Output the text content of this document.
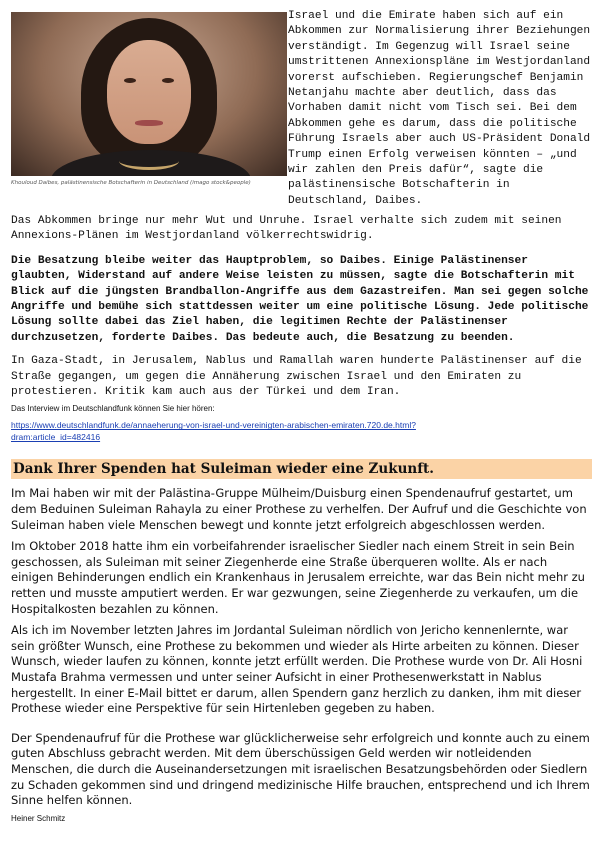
Khouloud Daibes, palästinensische Botschafterin in Deutschland (imago stock&people)

Israel und die Emirate haben sich auf ein Abkommen zur Normalisierung ihrer Beziehungen verständigt. Im Gegenzug will Israel seine umstrittenen Annexionspläne im Westjordanland vorerst aufschieben. Regierungschef Benjamin Netanjahu machte aber deutlich, dass das Vorhaben damit nicht vom Tisch sei. Bei dem Abkommen gehe es darum, dass die politische Führung Israels aber auch US-Präsident Donald Trump einen Erfolg verweisen könnten – „und wir zahlen den Preis dafür“, sagte die palästinensische Botschafterin in Deutschland, Daibes.

Das Abkommen bringe nur mehr Wut und Unruhe. Israel verhalte sich zudem mit seinen Annexions-Plänen im Westjordanland völkerrechtswidrig.

Die Besatzung bleibe weiter das Hauptproblem, so Daibes. Einige Palästinenser glaubten, Widerstand auf andere Weise leisten zu müssen, sagte die Botschafterin mit Blick auf die jüngsten Brandballon-Angriffe aus dem Gazastreifen. Man sei gegen solche Angriffe und bemühe sich stattdessen weiter um eine politische Lösung. Jede politische Lösung sollte dabei das Ziel haben, die legitimen Rechte der Palästinenser durchzusetzen, forderte Daibes. Das bedeute auch, die Besatzung zu beenden.

In Gaza-Stadt, in Jerusalem, Nablus und Ramallah waren hunderte Palästinenser auf die Straße gegangen, um gegen die Annäherung zwischen Israel und den Emiraten zu protestieren. Kritik kam auch aus der Türkei und dem Iran.

Das Interview im Deutschlandfunk können Sie hier hören:

https://www.deutschlandfunk.de/annaeherung-von-israel-und-vereinigten-arabischen-emiraten.720.de.html?dram:article_id=482416

Dank Ihrer Spenden hat Suleiman wieder eine Zukunft.

Im Mai haben wir mit der Palästina-Gruppe Mülheim/Duisburg einen Spendenaufruf gestartet, um dem Beduinen Suleiman Rahayla zu einer Prothese zu verhelfen. Der Aufruf und die Geschichte von Suleiman haben viele Menschen bewegt und konnte jetzt erfolgreich abgeschlossen werden.

Im Oktober 2018 hatte ihm ein vorbeifahrender israelischer Siedler nach einem Streit in sein Bein geschossen, als Suleiman mit seiner Ziegenherde eine Straße überqueren wollte. Als er nach einigen Behinderungen endlich ein Krankenhaus in Jerusalem erreichte, war das Bein nicht mehr zu retten und musste amputiert werden. Er war gezwungen, seine Ziegenherde zu verkaufen, um die Hospitalkosten bezahlen zu können.

Als ich im November letzten Jahres im Jordantal Suleiman nördlich von Jericho kennenlernte, war sein größter Wunsch, eine Prothese zu bekommen und wieder als Hirte arbeiten zu können. Dieser Wunsch, wieder laufen zu können, konnte jetzt erfüllt werden. Die Prothese wurde von Dr. Ali Hosni Mustafa Brahma vermessen und unter seiner Aufsicht in einer Prothesenwerkstatt in Nablus hergestellt. In einer E-Mail bittet er darum, allen Spendern ganz herzlich zu danken, ihm mit dieser Prothese wieder eine Perspektive für sein Hirtenleben gegeben zu haben.

Der Spendenaufruf für die Prothese war glücklicherweise sehr erfolgreich und konnte auch zu einem guten Abschluss gebracht werden. Mit dem überschüssigen Geld werden wir notleidenden Menschen, die durch die Auseinandersetzungen mit israelischen Besatzungsbehörden oder Siedlern zu Schaden gekommen sind und dringend medizinische Hilfe brauchen, entsprechend und ich Ihrem Sinne helfen können.

Heiner Schmitz
